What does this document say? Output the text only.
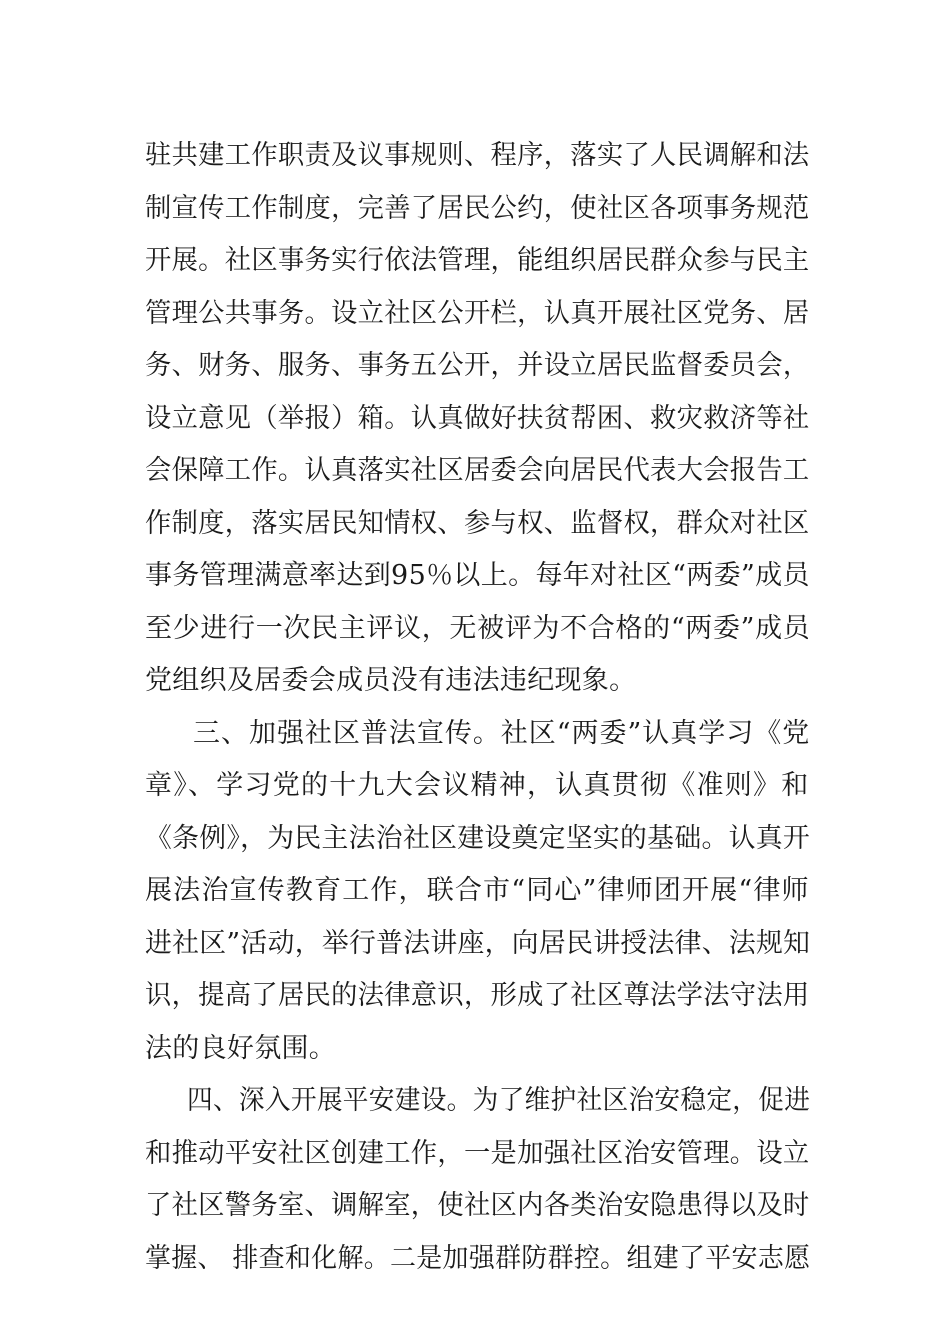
驻共建工作职责及议事规则、程序，落实了人民调解和法
制宣传工作制度，完善了居民公约，使社区各项事务规范
开展。社区事务实行依法管理，能组织居民群众参与民主
管理公共事务。设立社区公开栏，认真开展社区党务、居
务、财务、服务、事务五公开，并设立居民监督委员会，
设立意见（举报）箱。认真做好扶贫帮困、救灾救济等社
会保障工作。认真落实社区居委会向居民代表大会报告工
作制度，落实居民知情权、参与权、监督权，群众对社区
事务管理满意率达到95％以上。每年对社区“两委”成员
至少进行一次民主评议，无被评为不合格的“两委”成员
党组织及居委会成员没有违法违纪现象。
三、加强社区普法宣传。社区“两委”认真学习《党
章》、学习党的十九大会议精神，认真贯彻《准则》和
《条例》，为民主法治社区建设奠定坚实的基础。认真开
展法治宣传教育工作，联合市“同心”律师团开展“律师
进社区”活动，举行普法讲座，向居民讲授法律、法规知
识，提高了居民的法律意识，形成了社区尊法学法守法用
法的良好氛围。
四、深入开展平安建设。为了维护社区治安稳定，促进
和推动平安社区创建工作，一是加强社区治安管理。设立
了社区警务室、调解室，使社区内各类治安隐患得以及时
掌握、 排查和化解。二是加强群防群控。组建了平安志愿
